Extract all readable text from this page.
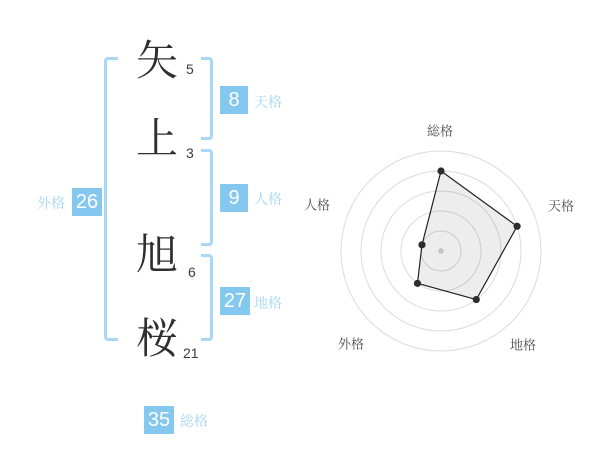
矢
上
旭
桜
5
3
6
21
8 天格
9 人格
27 地格
外格 26
35 総格
総格
天格
地格
外格
人格
